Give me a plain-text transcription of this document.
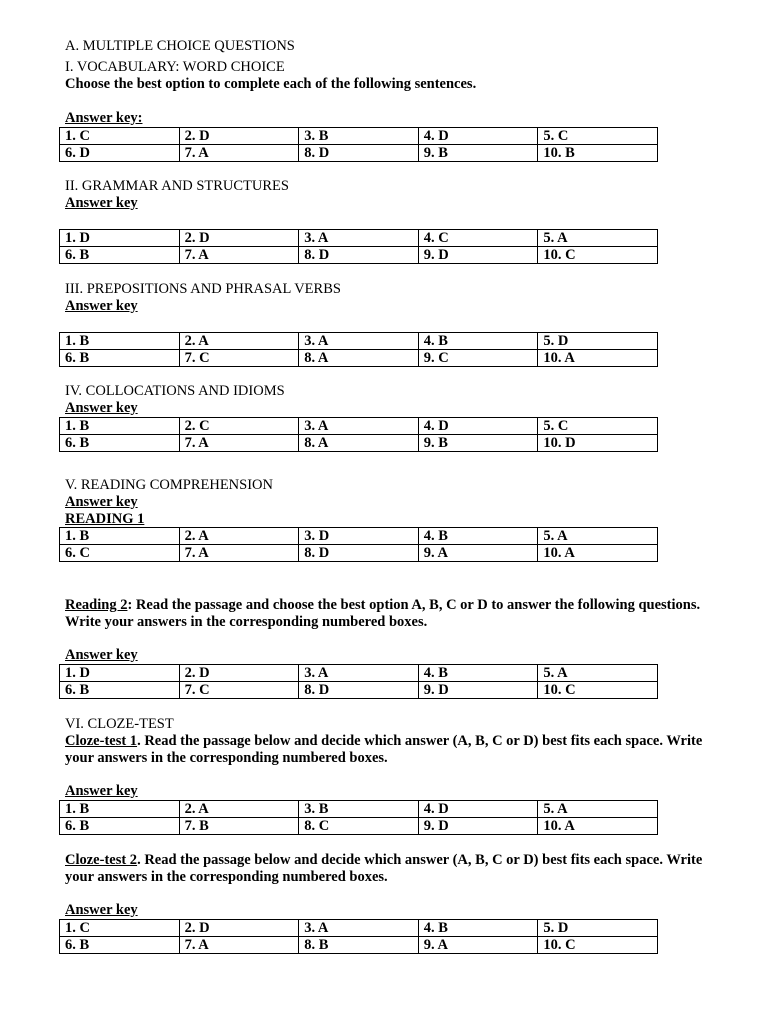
A. MULTIPLE CHOICE QUESTIONS
I. VOCABULARY: WORD CHOICE
Choose the best option to complete each of the following sentences.
Answer key:
1. C	2. D	3. B	4. D	5. C
6. D	7. A	8. D	9. B	10. B
II. GRAMMAR AND STRUCTURES
Answer key
1. D	2. D	3. A	4. C	5. A
6. B	7. A	8. D	9. D	10. C
III. PREPOSITIONS AND PHRASAL VERBS
Answer key
1. B	2. A	3. A	4. B	5. D
6. B	7. C	8. A	9. C	10. A
IV. COLLOCATIONS AND IDIOMS
Answer key
1. B	2. C	3. A	4. D	5. C
6. B	7. A	8. A	9. B	10. D
V. READING COMPREHENSION
Answer key
READING 1
1. B	2. A	3. D	4. B	5. A
6. C	7. A	8. D	9. A	10. A
Reading 2: Read the passage and choose the best option A, B, C or D to answer the following questions. Write your answers in the corresponding numbered boxes.
Answer key
1. D	2. D	3. A	4. B	5. A
6. B	7. C	8. D	9. D	10. C
VI. CLOZE-TEST
Cloze-test 1. Read the passage below and decide which answer (A, B, C or D) best fits each space. Write your answers in the corresponding numbered boxes.
Answer key
1. B	2. A	3. B	4. D	5. A
6. B	7. B	8. C	9. D	10. A
Cloze-test 2. Read the passage below and decide which answer (A, B, C or D) best fits each space. Write your answers in the corresponding numbered boxes.
Answer key
1. C	2. D	3. A	4. B	5. D
6. B	7. A	8. B	9. A	10. C
